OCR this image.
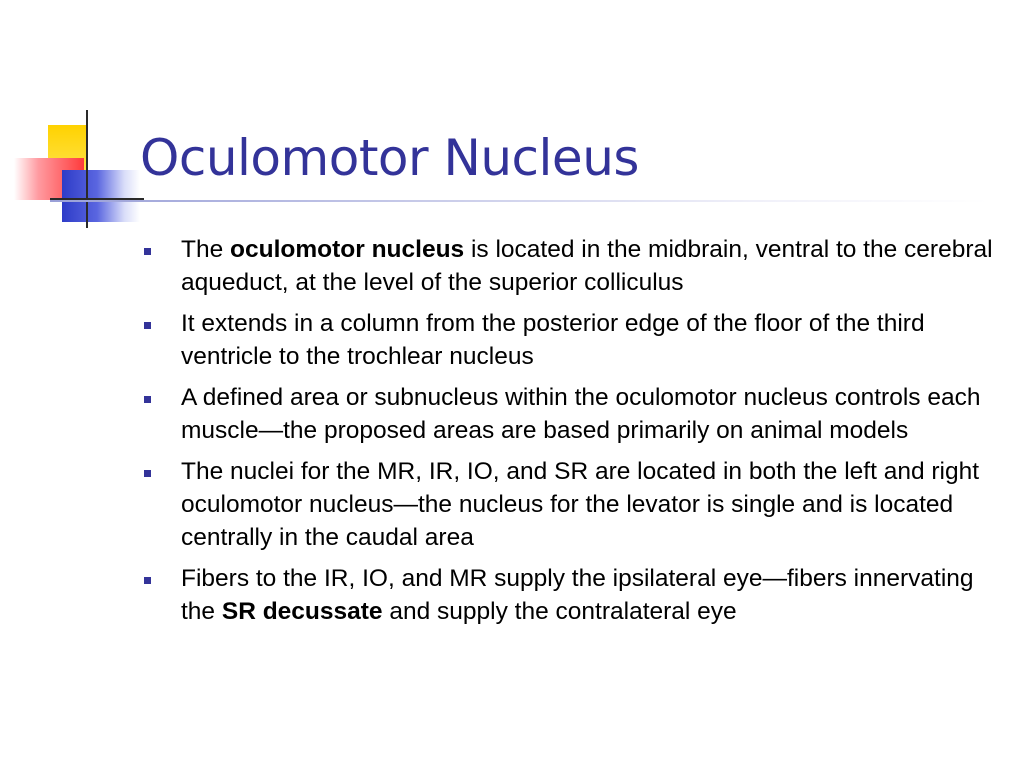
Oculomotor Nucleus
The oculomotor nucleus is located in the midbrain, ventral to the cerebral aqueduct, at the level of the superior colliculus
It extends in a column from the posterior edge of the floor of the third ventricle to the trochlear nucleus
A defined area or subnucleus within the oculomotor nucleus controls each muscle—the proposed areas are based primarily on animal models
The nuclei for the MR, IR, IO, and SR are located in both the left and right oculomotor nucleus—the nucleus for the levator is single and is located centrally in the caudal area
Fibers to the IR, IO, and MR supply the ipsilateral eye—fibers innervating the SR decussate and supply the contralateral eye
